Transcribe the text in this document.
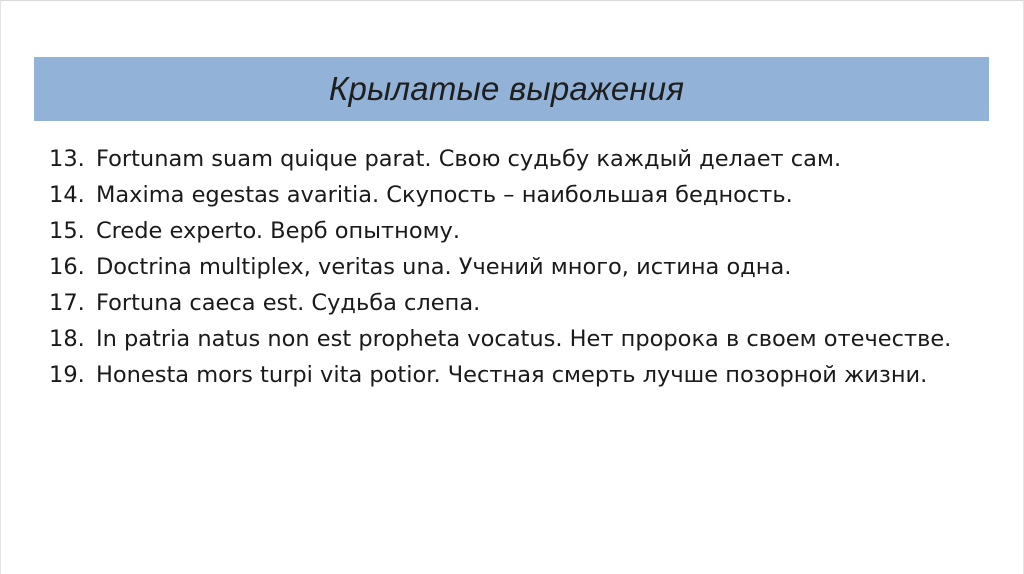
Крылатые выражения
13. Fortunam suam quique parat. Свою судьбу каждый делает сам.
14. Maxima egestas avaritia. Скупость – наибольшая бедность.
15. Crede experto. Верб опытному.
16. Doctrina multiplex, veritas una. Учений много, истина одна.
17. Fortuna caeca est. Судьба слепа.
18. In patria natus non est propheta vocatus. Нет пророка в своем отечестве.
19. Honesta mors turpi vita potior. Честная смерть лучше позорной жизни.
